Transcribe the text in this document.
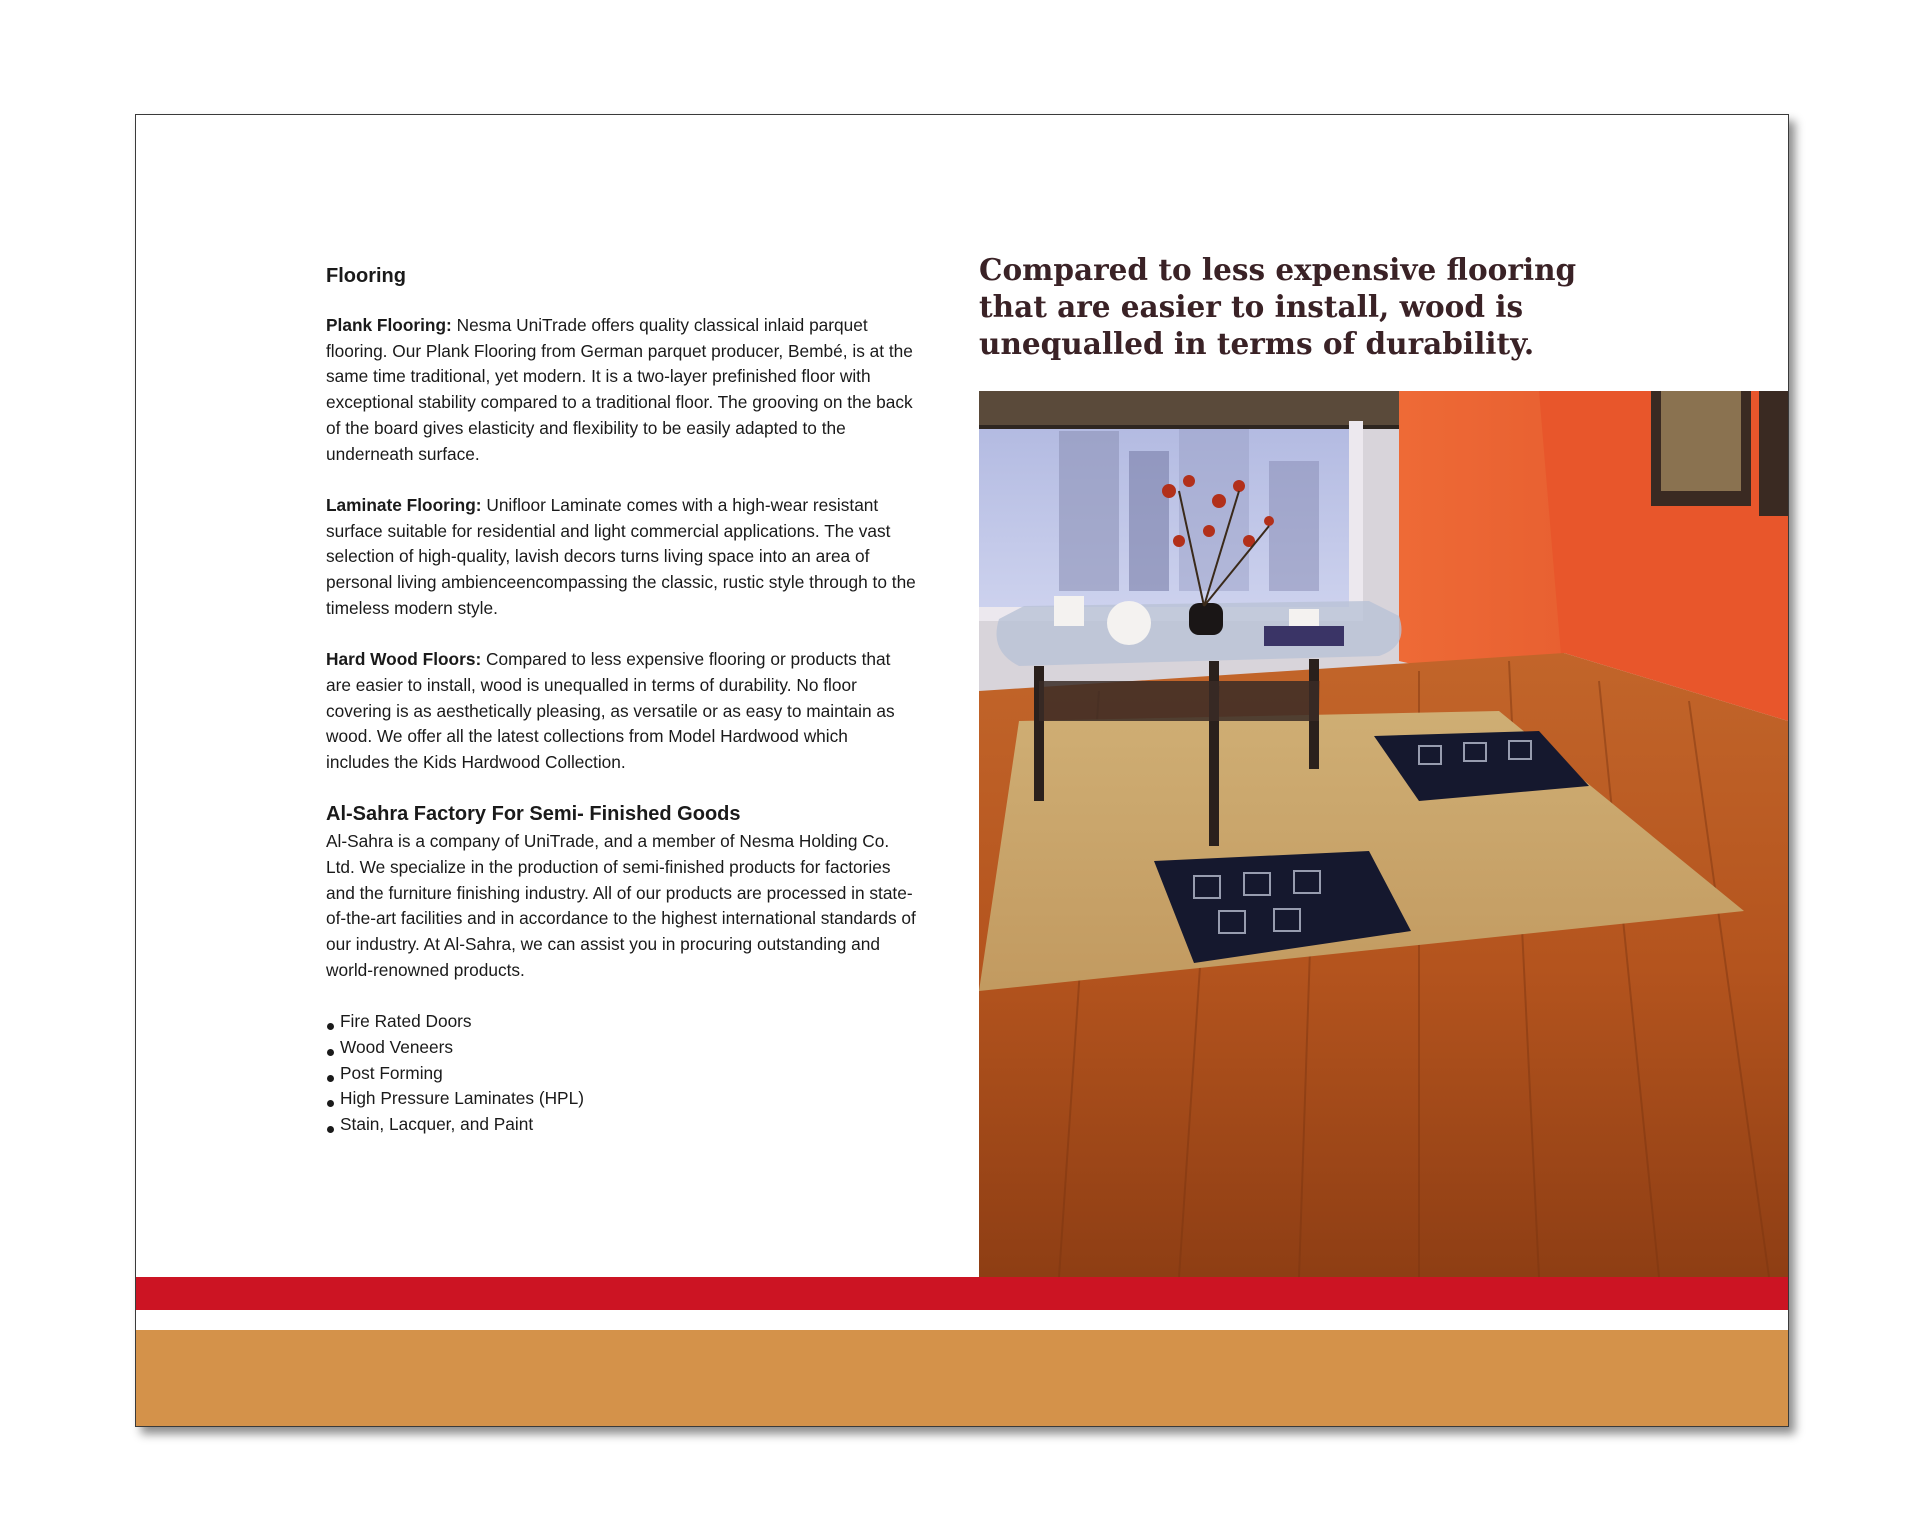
Flooring

Plank Flooring: Nesma UniTrade offers quality classical inlaid parquet flooring. Our Plank Flooring from German parquet producer, Bembé, is at the same time traditional, yet modern. It is a two-layer prefinished floor with exceptional stability compared to a traditional floor. The grooving on the back of the board gives elasticity and flexibility to be easily adapted to the underneath surface.

Laminate Flooring: Unifloor Laminate comes with a high-wear resistant surface suitable for residential and light commercial applications. The vast selection of high-quality, lavish decors turns living space into an area of personal living ambienceencompassing the classic, rustic style through to the timeless modern style.

Hard Wood Floors: Compared to less expensive flooring or products that are easier to install, wood is unequalled in terms of durability. No floor covering is as aesthetically pleasing, as versatile or as easy to maintain as wood. We offer all the latest collections from Model Hardwood which includes the Kids Hardwood Collection.

Al-Sahra Factory For Semi- Finished Goods

Al-Sahra is a company of UniTrade, and a member of Nesma Holding Co. Ltd. We specialize in the production of semi-finished products for factories and the furniture finishing industry. All of our products are processed in state-of-the-art facilities and in accordance to the highest international standards of our industry. At Al-Sahra, we can assist you in procuring outstanding and world-renowned products.

Fire Rated Doors
Wood Veneers
Post Forming
High Pressure Laminates (HPL)
Stain, Lacquer, and Paint
Compared to less expensive flooring that are easier to install, wood is unequalled in terms of durability.
